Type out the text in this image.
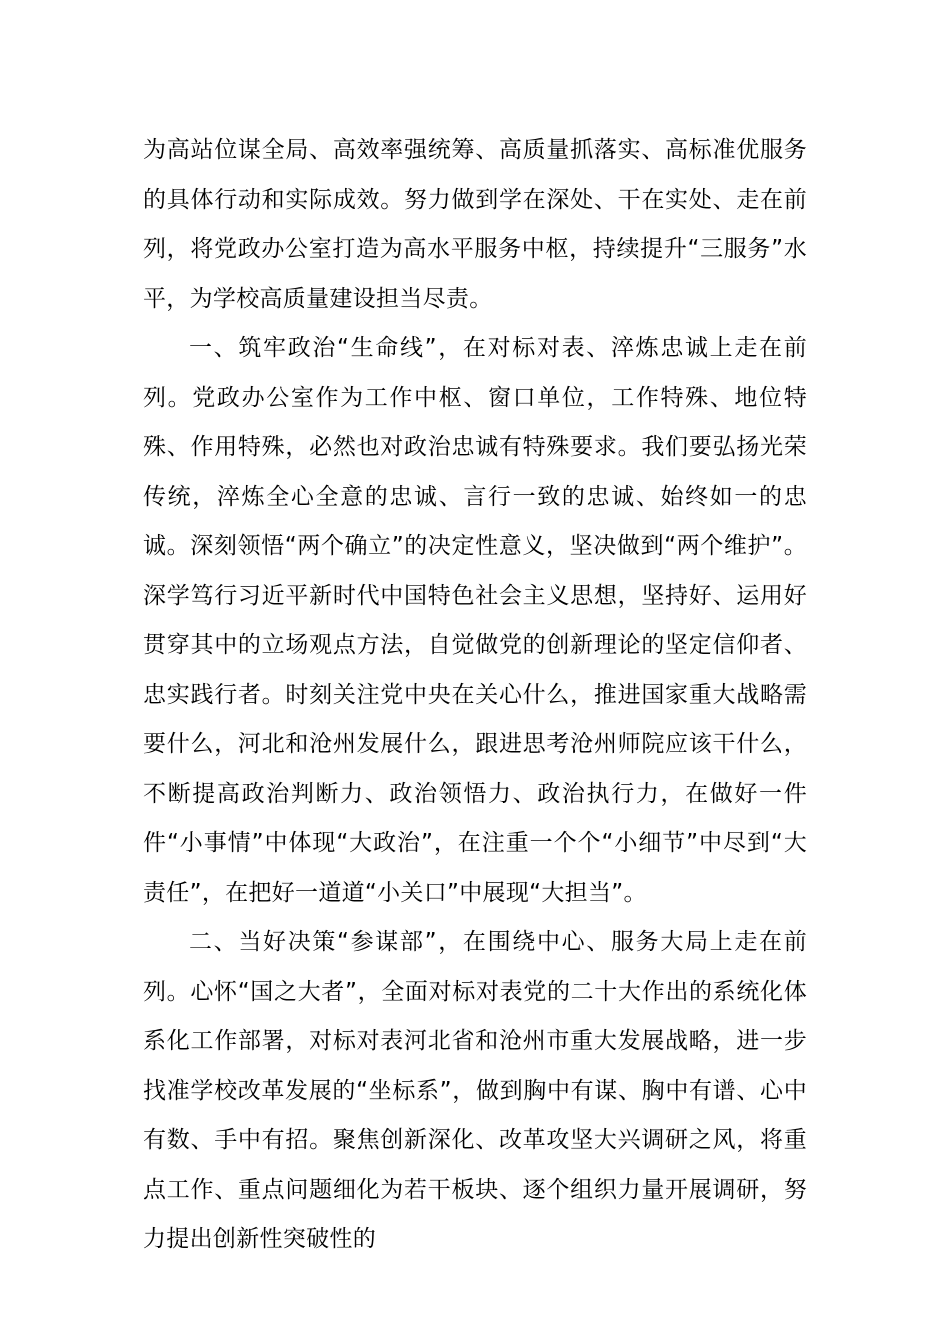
为高站位谋全局、高效率强统筹、高质量抓落实、高标准优服务的具体行动和实际成效。努力做到学在深处、干在实处、走在前列，将党政办公室打造为高水平服务中枢，持续提升“三服务”水平，为学校高质量建设担当尽责。

一、筑牢政治“生命线”，在对标对表、淬炼忠诚上走在前列。党政办公室作为工作中枢、窗口单位，工作特殊、地位特殊、作用特殊，必然也对政治忠诚有特殊要求。我们要弘扬光荣传统，淬炼全心全意的忠诚、言行一致的忠诚、始终如一的忠诚。深刻领悟“两个确立”的决定性意义，坚决做到“两个维护”。深学笃行习近平新时代中国特色社会主义思想，坚持好、运用好贯穿其中的立场观点方法，自觉做党的创新理论的坚定信仰者、忠实践行者。时刻关注党中央在关心什么，推进国家重大战略需要什么，河北和沧州发展什么，跟进思考沧州师院应该干什么，不断提高政治判断力、政治领悟力、政治执行力，在做好一件件“小事情”中体现“大政治”，在注重一个个“小细节”中尽到“大责任”，在把好一道道“小关口”中展现“大担当”。

二、当好决策“参谋部”，在围绕中心、服务大局上走在前列。心怀“国之大者”，全面对标对表党的二十大作出的系统化体系化工作部署，对标对表河北省和沧州市重大发展战略，进一步找准学校改革发展的“坐标系”，做到胸中有谋、胸中有谱、心中有数、手中有招。聚焦创新深化、改革攻坚大兴调研之风，将重点工作、重点问题细化为若干板块、逐个组织力量开展调研，努力提出创新性突破性的
